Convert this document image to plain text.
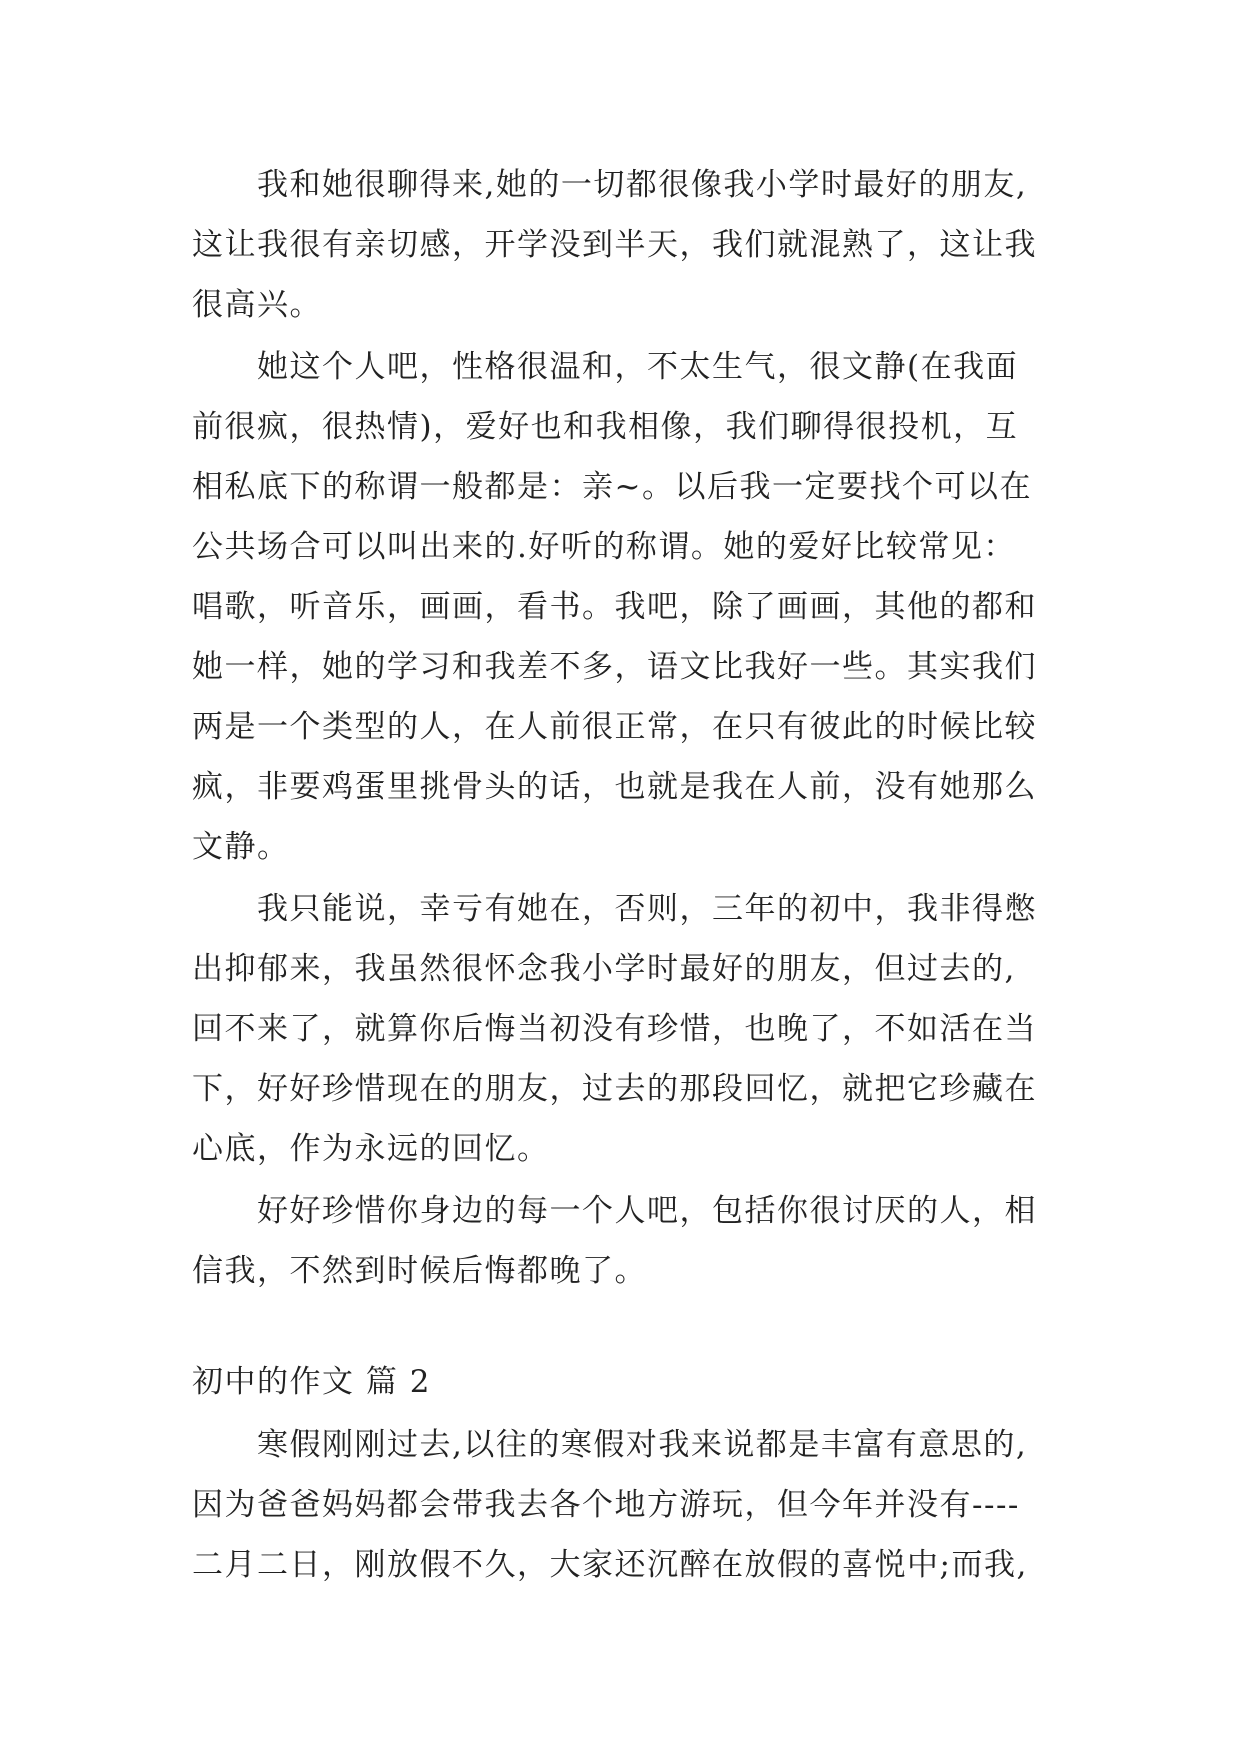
我和她很聊得来,她的一切都很像我小学时最好的朋友,

这让我很有亲切感，开学没到半天，我们就混熟了，这让我

很高兴。

她这个人吧，性格很温和，不太生气，很文静(在我面

前很疯，很热情)，爱好也和我相像，我们聊得很投机，互

相私底下的称谓一般都是：亲~。以后我一定要找个可以在

公共场合可以叫出来的.好听的称谓。她的爱好比较常见：

唱歌，听音乐，画画，看书。我吧，除了画画，其他的都和

她一样，她的学习和我差不多，语文比我好一些。其实我们

两是一个类型的人，在人前很正常，在只有彼此的时候比较

疯，非要鸡蛋里挑骨头的话，也就是我在人前，没有她那么

文静。

我只能说，幸亏有她在，否则，三年的初中，我非得憋

出抑郁来，我虽然很怀念我小学时最好的朋友，但过去的,

回不来了，就算你后悔当初没有珍惜，也晚了，不如活在当

下，好好珍惜现在的朋友，过去的那段回忆，就把它珍藏在

心底，作为永远的回忆。

好好珍惜你身边的每一个人吧，包括你很讨厌的人，相

信我，不然到时候后悔都晚了。

初中的作文 篇 2

寒假刚刚过去,以往的寒假对我来说都是丰富有意思的,

因为爸爸妈妈都会带我去各个地方游玩，但今年并没有----

二月二日，刚放假不久，大家还沉醉在放假的喜悦中;而我,
